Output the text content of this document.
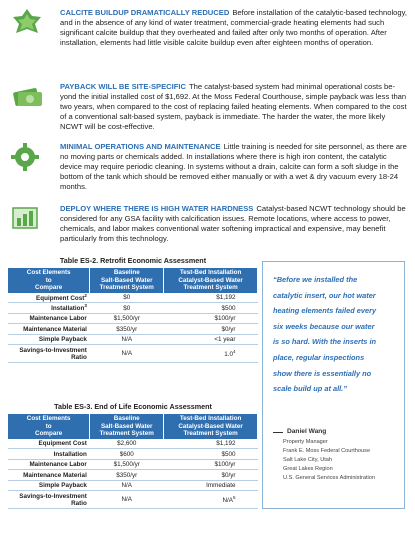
CALCITE BUILDUP DRAMATICALLY REDUCED Before installation of the catalytic-based technology, and in the absence of any kind of water treatment, commercial-grade heating elements had such significant calcite buildup that they overheated and failed after only two months of operation. After installation, elements had little visible calcite buildup even after eighteen months of operation.
PAYBACK WILL BE SITE-SPECIFIC The catalyst-based system had minimal operational costs be-yond the initial installed cost of $1,692. At the Moss Federal Courthouse, simple payback was less than two years, when compared to the cost of replacing failed heating elements. When compared to the cost of a conventional salt-based system, payback is immediate. The harder the water, the more likely NCWT will be cost-effective.
MINIMAL OPERATIONS AND MAINTENANCE Little training is needed for site personnel, as there are no moving parts or chemicals added. In installations where there is high iron content, the catalytic device may require periodic cleaning. In systems without a drain, calcite can form a soft sludge in the bottom of the tank which should be removed either manually or with a wet & dry vacuum every 18-24 months.
DEPLOY WHERE THERE IS HIGH WATER HARDNESS Catalyst-based NCWT technology should be considered for any GSA facility with calcification issues. Remote locations, where access to power, chemicals, and labor makes conventional water softening impractical and expensive, may benefit particularly from this technology.
Table ES-2. Retrofit Economic Assessment
Cost Elements
to
Compare	Baseline
Salt-Based Water
Treatment System	Test-Bed Installation
Catalyst-Based Water
Treatment System
Equipment Cost$^2$	$0	$1,192
Installation$^3$	$0	$500
Maintenance Labor	$1,500/yr	$100/yr
Maintenance Material	$350/yr	$0/yr
Simple Payback	N/A	<1 year
Savings-to-Investment
Ratio	N/A	$1.0^4$
Table ES-3. End of Life Economic Assessment
Cost Elements
to
Compare	Baseline
Salt-Based Water
Treatment System	Test-Bed Installation
Catalyst-Based Water
Treatment System
Equipment Cost	$2,600	$1,192
Installation	$600	$500
Maintenance Labor	$1,500/yr	$100/yr
Maintenance Material	$350/yr	$0/yr
Simple Payback	N/A	Immediate
Savings-to-Investment
Ratio	N/A	$N/A^5$
“Before we installed the
catalytic insert, our hot water
heating elements failed every
six weeks because our water
is so hard. With the inserts in
place, regular inspections
show there is essentially no
scale build up at all.”
Daniel Wang
Property Manager
Frank E. Moss Federal Courthouse
Salt Lake City, Utah
Great Lakes Region
U.S. General Services Administration
